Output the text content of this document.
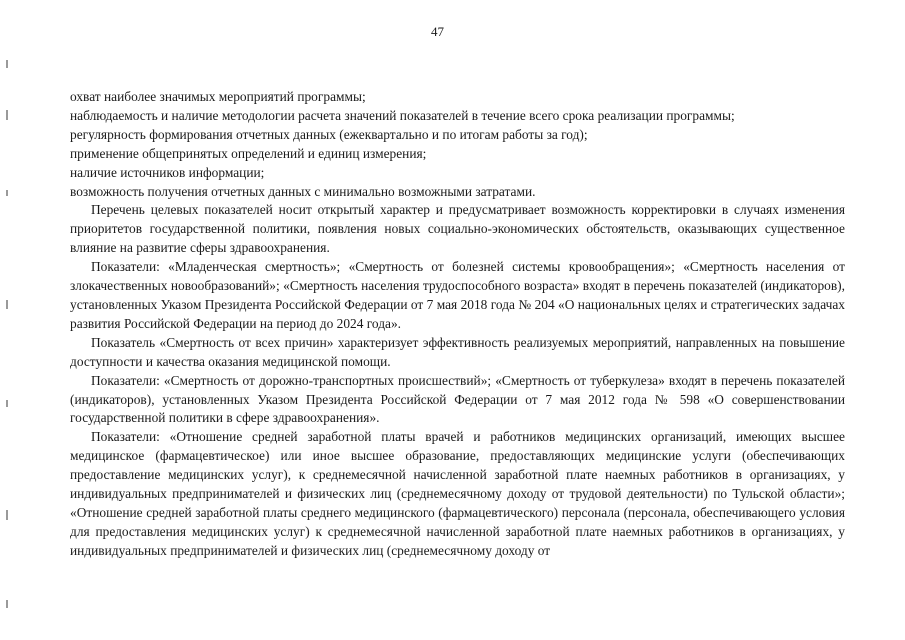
47

охват наиболее значимых мероприятий программы;

наблюдаемость и наличие методологии расчета значений показателей в течение всего срока реализации программы;

регулярность формирования отчетных данных (ежеквартально и по итогам работы за год);

применение общепринятых определений и единиц измерения;

наличие источников информации;

возможность получения отчетных данных с минимально возможными затратами.

Перечень целевых показателей носит открытый характер и предусматривает возможность корректировки в случаях изменения приоритетов государственной политики, появления новых социально-экономических обстоятельств, оказывающих существенное влияние на развитие сферы здравоохранения.

Показатели: «Младенческая смертность»; «Смертность от болезней системы кровообращения»; «Смертность населения от злокачественных новообразований»; «Смертность населения трудоспособного возраста» входят в перечень показателей (индикаторов), установленных Указом Президента Российской Федерации от 7 мая 2018 года № 204 «О национальных целях и стратегических задачах развития Российской Федерации на период до 2024 года».

Показатель «Смертность от всех причин» характеризует эффективность реализуемых мероприятий, направленных на повышение доступности и качества оказания медицинской помощи.

Показатели: «Смертность от дорожно-транспортных происшествий»; «Смертность от туберкулеза» входят в перечень показателей (индикаторов), установленных Указом Президента Российской Федерации от 7 мая 2012 года № 598 «О совершенствовании государственной политики в сфере здравоохранения».

Показатели: «Отношение средней заработной платы врачей и работников медицинских организаций, имеющих высшее медицинское (фармацевтическое) или иное высшее образование, предоставляющих медицинские услуги (обеспечивающих предоставление медицинских услуг), к среднемесячной начисленной заработной плате наемных работников в организациях, у индивидуальных предпринимателей и физических лиц (среднемесячному доходу от трудовой деятельности) по Тульской области»; «Отношение средней заработной платы среднего медицинского (фармацевтического) персонала (персонала, обеспечивающего условия для предоставления медицинских услуг) к среднемесячной начисленной заработной плате наемных работников в организациях, у индивидуальных предпринимателей и физических лиц (среднемесячному доходу от
